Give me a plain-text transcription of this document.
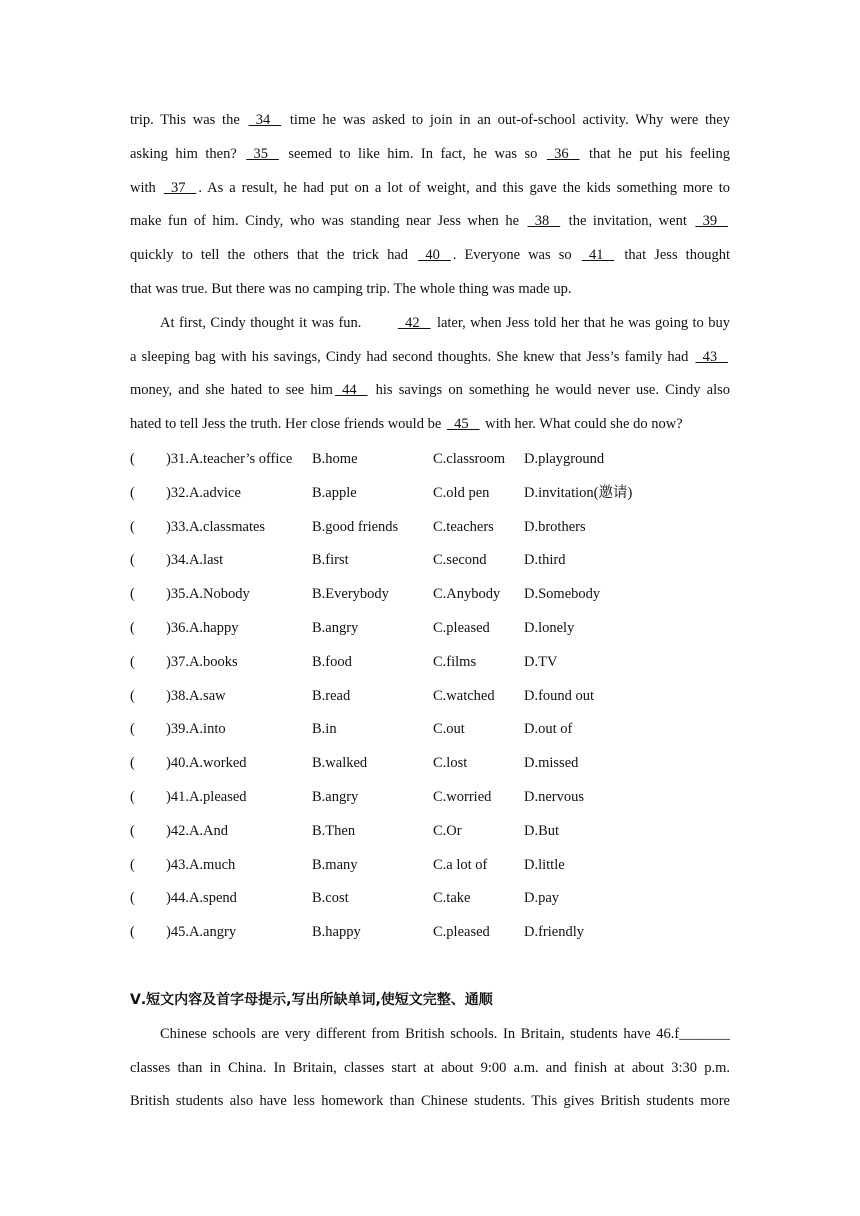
trip. This was the   34    time he was asked to join in an out-of-school activity. Why were they

asking him then?   35    seemed to like him. In fact, he was so   36    that he put his feeling

with   37   . As a result, he had put on a lot of weight, and this gave the kids something more to

make fun of him. Cindy, who was standing near Jess when he   38    the invitation, went   39

quickly to tell the others that the trick had   40   . Everyone was so   41    that Jess thought

that was true. But there was no camping trip. The whole thing was made up.

At first, Cindy thought it was fun.   42    later, when Jess told her that he was going to buy

a sleeping bag with his savings, Cindy had second thoughts. She knew that Jess’s family had   43

money, and she hated to see him  44    his savings on something he would never use. Cindy also

hated to tell Jess the truth. Her close friends would be   45    with her. What could she do now?

( )31.A.teacher’s office B.home	C.classroom D.playground
( )32.A.advice	B.apple	C.old pen D.invitation(邀请)
( )33.A.classmates	B.good friends C.teachers D.brothers
( )34.A.last	B.first	C.second	D.third
( )35.A.Nobody	B.Everybody	C.Anybody D.Somebody
( )36.A.happy	B.angry	C.pleased D.lonely
( )37.A.books	B.food	C.films	D.TV
( )38.A.saw	B.read	C.watched D.found out
( )39.A.into	B.in	C.out	D.out of
( )40.A.worked	B.walked	C.lost	D.missed
( )41.A.pleased	B.angry	C.worried D.nervous
( )42.A.And	B.Then	C.Or	D.But
( )43.A.much	B.many	C.a lot of	D.little
( )44.A.spend	B.cost	C.take	D.pay
( )45.A.angry	B.happy	C.pleased D.friendly
Ⅴ.短文内容及首字母提示,写出所缺单词,使短文完整、通顺

Chinese schools are very different from British schools. In Britain, students have 46.f_______

classes than in China. In Britain, classes start at about 9:00 a.m. and finish at about 3:30 p.m.

British students also have less homework than Chinese students. This gives British students more
